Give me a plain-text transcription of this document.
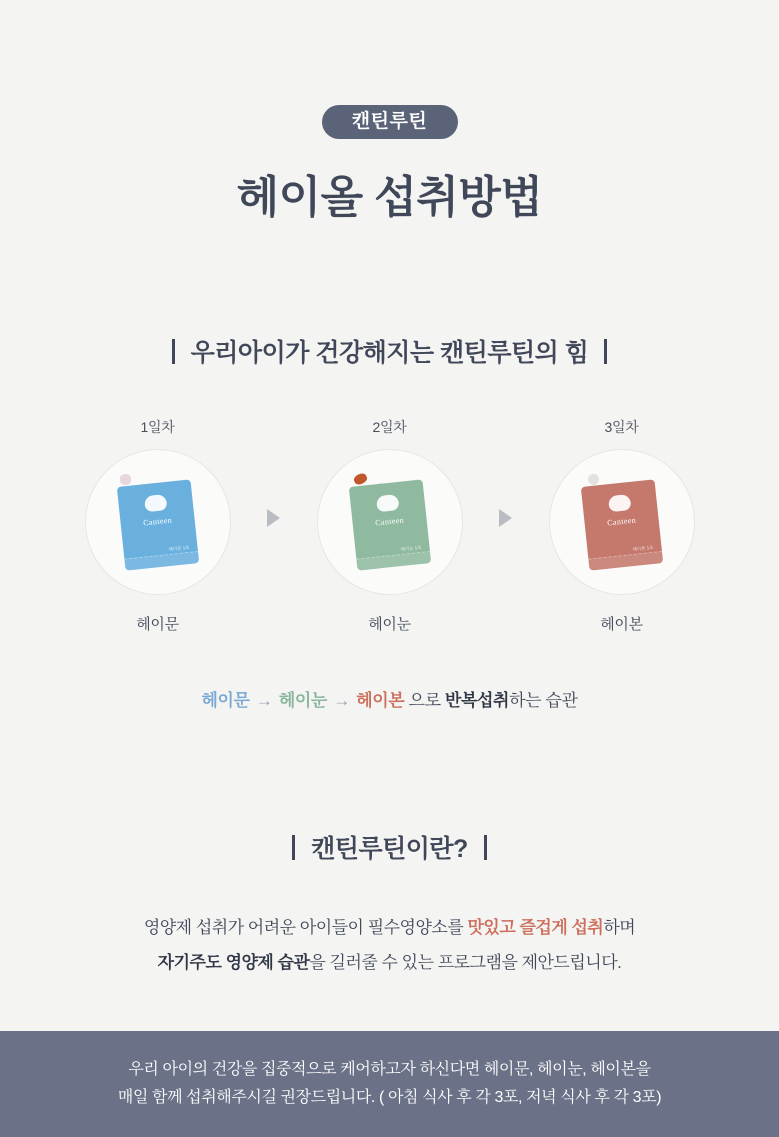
캔틴루틴
헤이올 섭취방법
우리아이가 건강해지는 캔틴루틴의 힘
1일차
Canteen
헤이문 1포
헤이문
2일차
Canteen
헤이눈 1포
헤이눈
3일차
Canteen
헤이본 1포
헤이본
헤이문 → 헤이눈 → 헤이본 으로 반복섭취하는 습관
캔틴루틴이란?
영양제 섭취가 어려운 아이들이 필수영양소를 맛있고 즐겁게 섭취하며
자기주도 영양제 습관을 길러줄 수 있는 프로그램을 제안드립니다.

우리 아이의 건강을 집중적으로 케어하고자 하신다면 헤이문, 헤이눈, 헤이본을
매일 함께 섭취해주시길 권장드립니다. ( 아침 식사 후 각 3포, 저녁 식사 후 각 3포)
